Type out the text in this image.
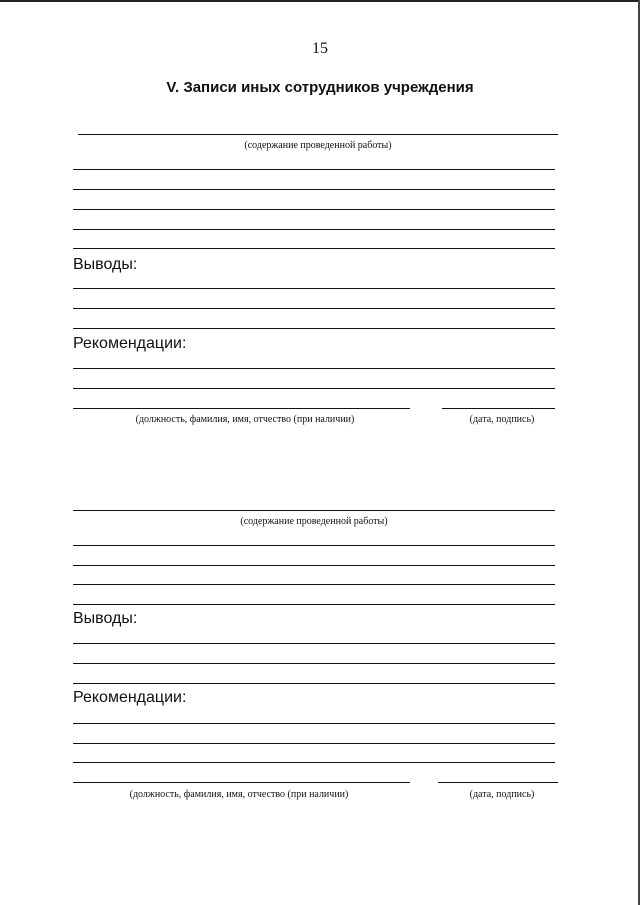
15
V. Записи иных сотрудников учреждения
(содержание проведенной работы)
Выводы:
Рекомендации:
(должность, фамилия, имя, отчество (при наличии)	(дата, подпись)
(содержание проведенной работы)
Выводы:
Рекомендации:
(должность, фамилия, имя, отчество (при наличии)	(дата, подпись)
